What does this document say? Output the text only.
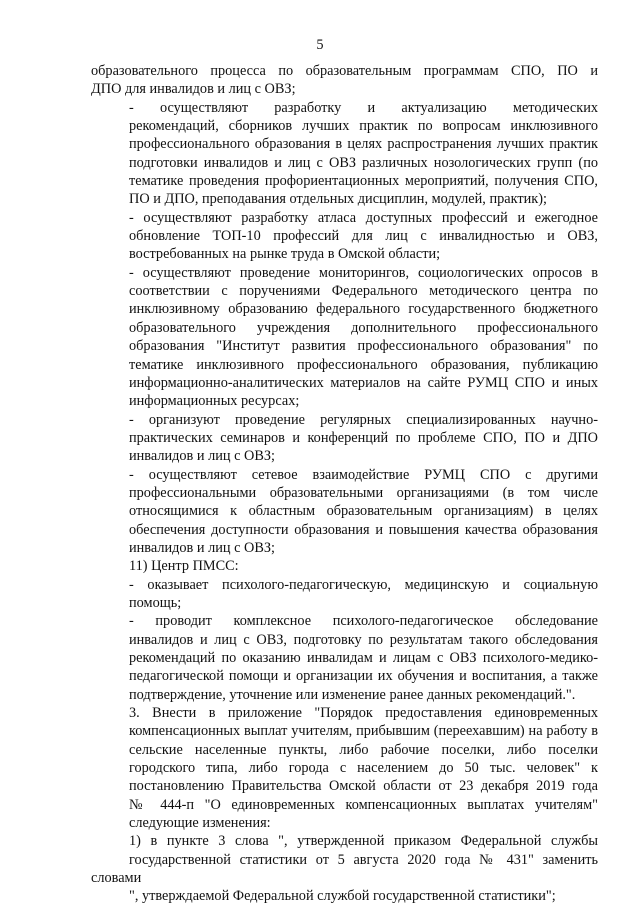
5

образовательного процесса по образовательным программам СПО, ПО и
ДПО для инвалидов и лиц с ОВЗ;

- осуществляют разработку и актуализацию методических
рекомендаций, сборников лучших практик по вопросам инклюзивного
профессионального образования в целях распространения лучших практик
подготовки инвалидов и лиц с ОВЗ различных нозологических групп (по
тематике проведения профориентационных мероприятий, получения СПО,
ПО и ДПО, преподавания отдельных дисциплин, модулей, практик);

- осуществляют разработку атласа доступных профессий и ежегодное
обновление ТОП-10 профессий для лиц с инвалидностью и ОВЗ,
востребованных на рынке труда в Омской области;

- осуществляют проведение мониторингов, социологических опросов в
соответствии с поручениями Федерального методического центра по
инклюзивному образованию федерального государственного бюджетного
образовательного учреждения дополнительного профессионального
образования "Институт развития профессионального образования" по
тематике инклюзивного профессионального образования, публикацию
информационно-аналитических материалов на сайте РУМЦ СПО и иных
информационных ресурсах;

- организуют проведение регулярных специализированных научно-
практических семинаров и конференций по проблеме СПО, ПО и ДПО
инвалидов и лиц с ОВЗ;

- осуществляют сетевое взаимодействие РУМЦ СПО с другими
профессиональными образовательными организациями (в том числе
относящимися к областным образовательным организациям) в целях
обеспечения доступности образования и повышения качества образования
инвалидов и лиц с ОВЗ;

11) Центр ПМСС:

- оказывает психолого-педагогическую, медицинскую и социальную
помощь;

- проводит комплексное психолого-педагогическое обследование
инвалидов и лиц с ОВЗ, подготовку по результатам такого обследования
рекомендаций по оказанию инвалидам и лицам с ОВЗ психолого-медико-
педагогической помощи и организации их обучения и воспитания, а также
подтверждение, уточнение или изменение ранее данных рекомендаций.".

3. Внести в приложение "Порядок предоставления единовременных
компенсационных выплат учителям, прибывшим (переехавшим) на работу в
сельские населенные пункты, либо рабочие поселки, либо поселки
городского типа, либо города с населением до 50 тыс. человек" к
постановлению Правительства Омской области от 23 декабря 2019 года
№ 444-п "О единовременных компенсационных выплатах учителям"
следующие изменения:

1) в пункте 3 слова ", утвержденной приказом Федеральной службы
государственной статистики от 5 августа 2020 года № 431" заменить словами
", утверждаемой Федеральной службой государственной статистики";
